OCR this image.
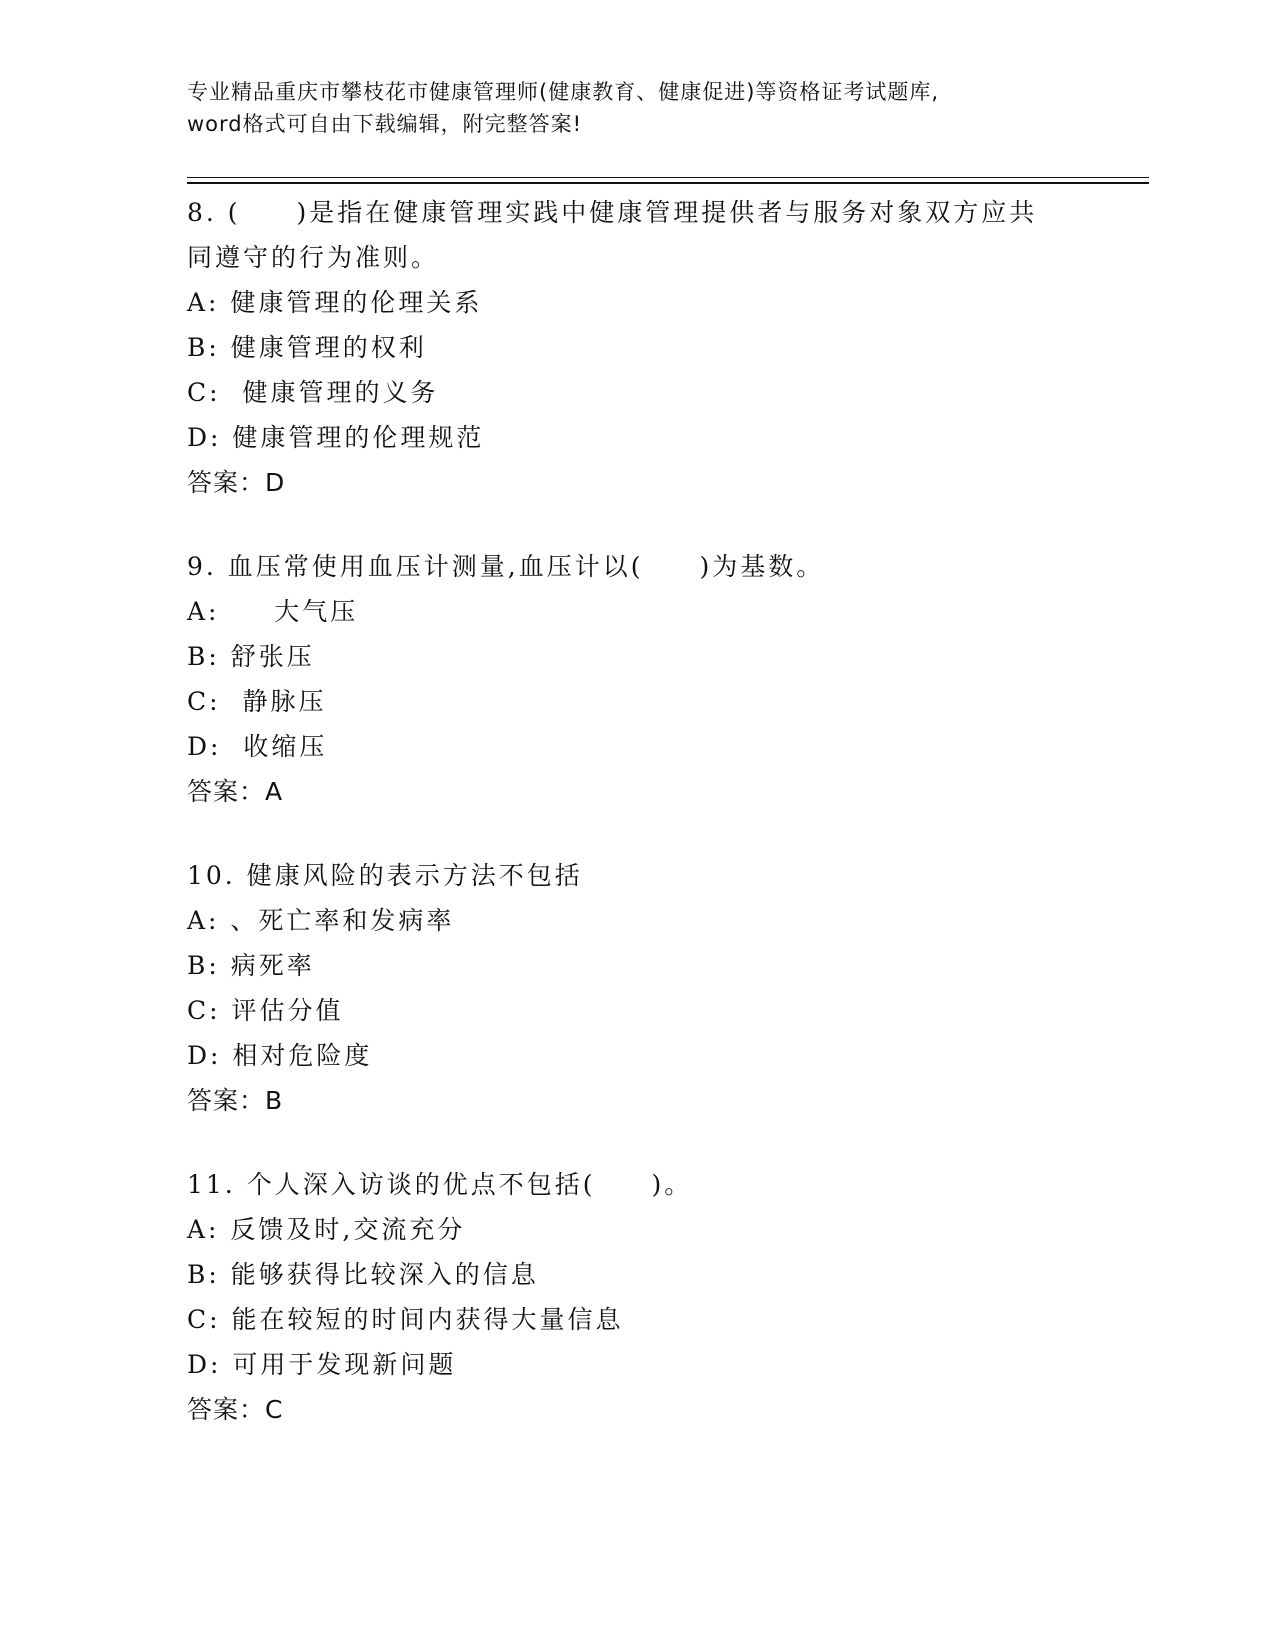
专业精品重庆市攀枝花市健康管理师(健康教育、健康促进)等资格证考试题库,
word格式可自由下载编辑，附完整答案!
8. (　　)是指在健康管理实践中健康管理提供者与服务对象双方应共
同遵守的行为准则。
A: 健康管理的伦理关系
B: 健康管理的权利
C:  健康管理的义务
D: 健康管理的伦理规范
答案：D
9. 血压常使用血压计测量,血压计以(　　)为基数。
A:     大气压
B: 舒张压
C:  静脉压
D:  收缩压
答案：A
10. 健康风险的表示方法不包括
A: 、死亡率和发病率
B: 病死率
C: 评估分值
D: 相对危险度
答案：B
11. 个人深入访谈的优点不包括(　　)。
A: 反馈及时,交流充分
B: 能够获得比较深入的信息
C: 能在较短的时间内获得大量信息
D: 可用于发现新问题
答案：C
